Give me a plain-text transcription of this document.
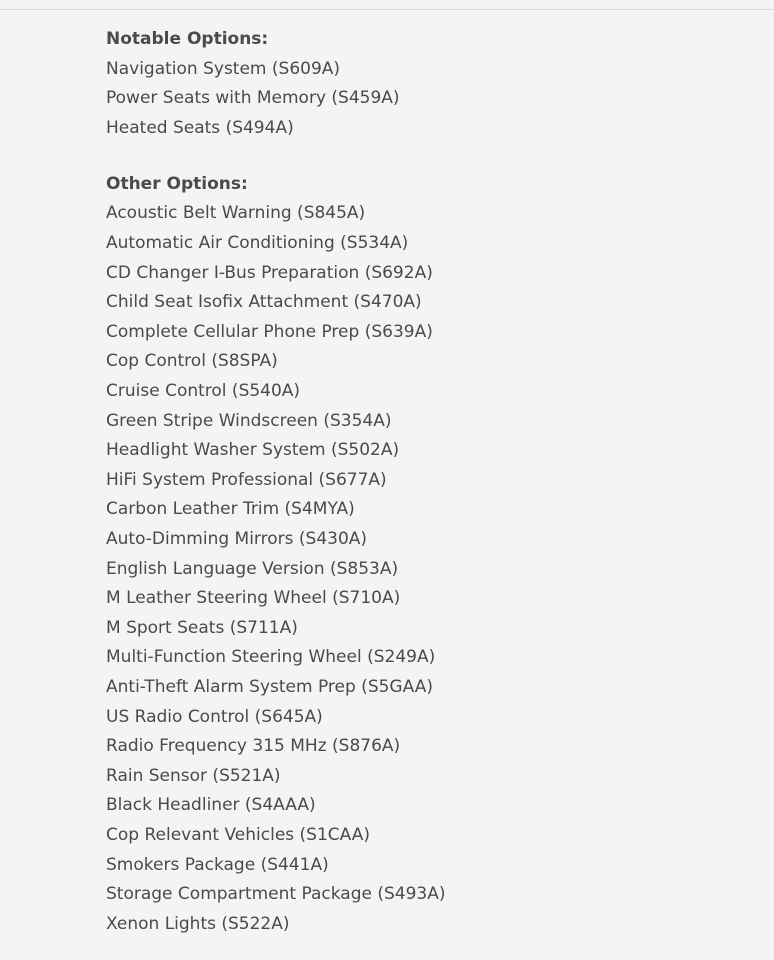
Notable Options:
Navigation System (S609A)
Power Seats with Memory (S459A)
Heated Seats (S494A)
Other Options:
Acoustic Belt Warning (S845A)
Automatic Air Conditioning (S534A)
CD Changer I-Bus Preparation (S692A)
Child Seat Isofix Attachment (S470A)
Complete Cellular Phone Prep (S639A)
Cop Control (S8SPA)
Cruise Control (S540A)
Green Stripe Windscreen (S354A)
Headlight Washer System (S502A)
HiFi System Professional (S677A)
Carbon Leather Trim (S4MYA)
Auto-Dimming Mirrors (S430A)
English Language Version (S853A)
M Leather Steering Wheel (S710A)
M Sport Seats (S711A)
Multi-Function Steering Wheel (S249A)
Anti-Theft Alarm System Prep (S5GAA)
US Radio Control (S645A)
Radio Frequency 315 MHz (S876A)
Rain Sensor (S521A)
Black Headliner (S4AAA)
Cop Relevant Vehicles (S1CAA)
Smokers Package (S441A)
Storage Compartment Package (S493A)
Xenon Lights (S522A)
